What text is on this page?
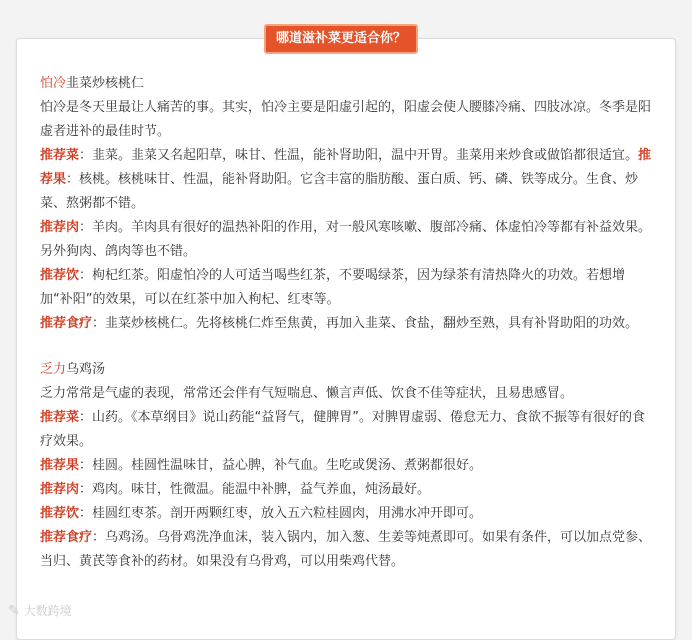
哪道滋补菜更适合你？

怕冷韭菜炒核桃仁

怕冷是冬天里最让人痛苦的事。其实，怕冷主要是阳虚引起的，阳虚会使人腰膝冷痛、四肢冰凉。冬季是阳虚者进补的最佳时节。

推荐菜：韭菜。韭菜又名起阳草，味甘、性温，能补肾助阳，温中开胃。韭菜用来炒食或做馅都很适宜。推荐果：核桃。核桃味甘、性温，能补肾助阳。它含丰富的脂肪酸、蛋白质、钙、磷、铁等成分。生食、炒菜、熬粥都不错。

推荐肉：羊肉。羊肉具有很好的温热补阳的作用，对一般风寒咳嗽、腹部冷痛、体虚怕冷等都有补益效果。另外狗肉、鸽肉等也不错。

推荐饮：枸杞红茶。阳虚怕冷的人可适当喝些红茶，不要喝绿茶，因为绿茶有清热降火的功效。若想增加“补阳”的效果，可以在红茶中加入枸杞、红枣等。

推荐食疗：韭菜炒核桃仁。先将核桃仁炸至焦黄，再加入韭菜、食盐，翻炒至熟，具有补肾助阳的功效。

乏力乌鸡汤

乏力常常是气虚的表现，常常还会伴有气短喘息、懒言声低、饮食不佳等症状，且易患感冒。

推荐菜：山药。《本草纲目》说山药能“益肾气，健脾胃”。对脾胃虚弱、倦怠无力、食欲不振等有很好的食疗效果。

推荐果：桂圆。桂圆性温味甘，益心脾，补气血。生吃或煲汤、煮粥都很好。

推荐肉：鸡肉。味甘，性微温。能温中补脾，益气养血，炖汤最好。

推荐饮：桂圆红枣茶。剖开两颗红枣，放入五六粒桂圆肉，用沸水冲开即可。

推荐食疗：乌鸡汤。乌骨鸡洗净血沫，装入锅内，加入葱、生姜等炖煮即可。如果有条件，可以加点党参、当归、黄芪等食补的药材。如果没有乌骨鸡，可以用柴鸡代替。

✎ 大数跨境
